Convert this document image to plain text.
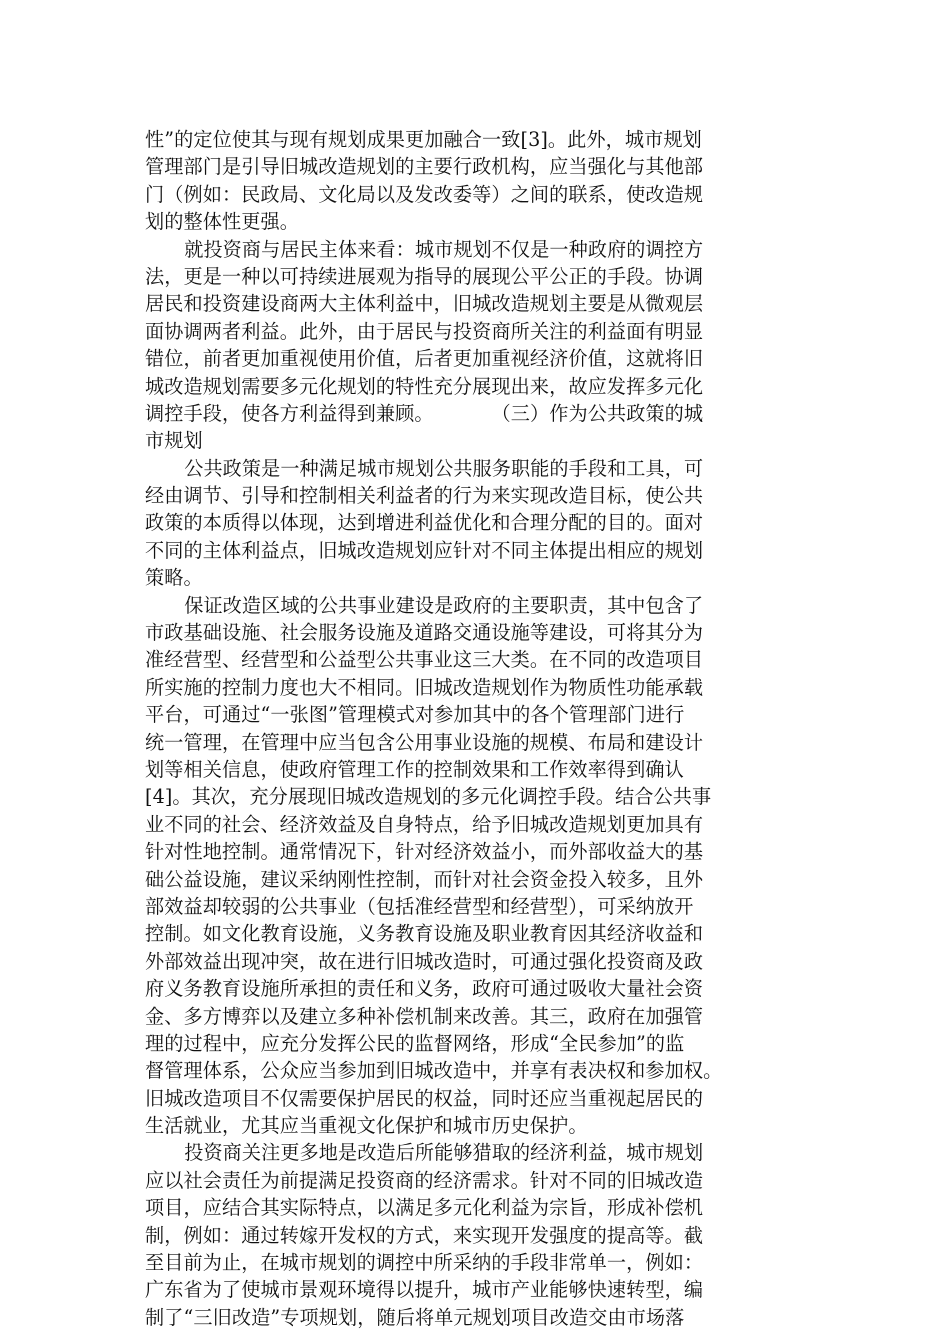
性”的定位使其与现有规划成果更加融合一致[3]。此外，城市规划
管理部门是引导旧城改造规划的主要行政机构，应当强化与其他部
门（例如：民政局、文化局以及发改委等）之间的联系，使改造规
划的整体性更强。
就投资商与居民主体来看：城市规划不仅是一种政府的调控方
法，更是一种以可持续进展观为指导的展现公平公正的手段。协调
居民和投资建设商两大主体利益中，旧城改造规划主要是从微观层
面协调两者利益。此外，由于居民与投资商所关注的利益面有明显
错位，前者更加重视使用价值，后者更加重视经济价值，这就将旧
城改造规划需要多元化规划的特性充分展现出来，故应发挥多元化
调控手段，使各方利益得到兼顾。　　　　（三）作为公共政策的城
市规划
公共政策是一种满足城市规划公共服务职能的手段和工具，可
经由调节、引导和控制相关利益者的行为来实现改造目标，使公共
政策的本质得以体现，达到增进利益优化和合理分配的目的。面对
不同的主体利益点，旧城改造规划应针对不同主体提出相应的规划
策略。
保证改造区域的公共事业建设是政府的主要职责，其中包含了
市政基础设施、社会服务设施及道路交通设施等建设，可将其分为
准经营型、经营型和公益型公共事业这三大类。在不同的改造项目
所实施的控制力度也大不相同。旧城改造规划作为物质性功能承载
平台，可通过“一张图”管理模式对参加其中的各个管理部门进行
统一管理，在管理中应当包含公用事业设施的规模、布局和建设计
划等相关信息，使政府管理工作的控制效果和工作效率得到确认
[4]。其次，充分展现旧城改造规划的多元化调控手段。结合公共事
业不同的社会、经济效益及自身特点，给予旧城改造规划更加具有
针对性地控制。通常情况下，针对经济效益小，而外部收益大的基
础公益设施，建议采纳刚性控制，而针对社会资金投入较多，且外
部效益却较弱的公共事业（包括准经营型和经营型），可采纳放开
控制。如文化教育设施，义务教育设施及职业教育因其经济收益和
外部效益出现冲突，故在进行旧城改造时，可通过强化投资商及政
府义务教育设施所承担的责任和义务，政府可通过吸收大量社会资
金、多方博弈以及建立多种补偿机制来改善。其三，政府在加强管
理的过程中，应充分发挥公民的监督网络，形成“全民参加”的监
督管理体系，公众应当参加到旧城改造中，并享有表决权和参加权。
旧城改造项目不仅需要保护居民的权益，同时还应当重视起居民的
生活就业，尤其应当重视文化保护和城市历史保护。
投资商关注更多地是改造后所能够猎取的经济利益，城市规划
应以社会责任为前提满足投资商的经济需求。针对不同的旧城改造
项目，应结合其实际特点，以满足多元化利益为宗旨，形成补偿机
制，例如：通过转嫁开发权的方式，来实现开发强度的提高等。截
至目前为止，在城市规划的调控中所采纳的手段非常单一，例如：
广东省为了使城市景观环境得以提升，城市产业能够快速转型，编
制了“三旧改造”专项规划，随后将单元规划项目改造交由市场落
